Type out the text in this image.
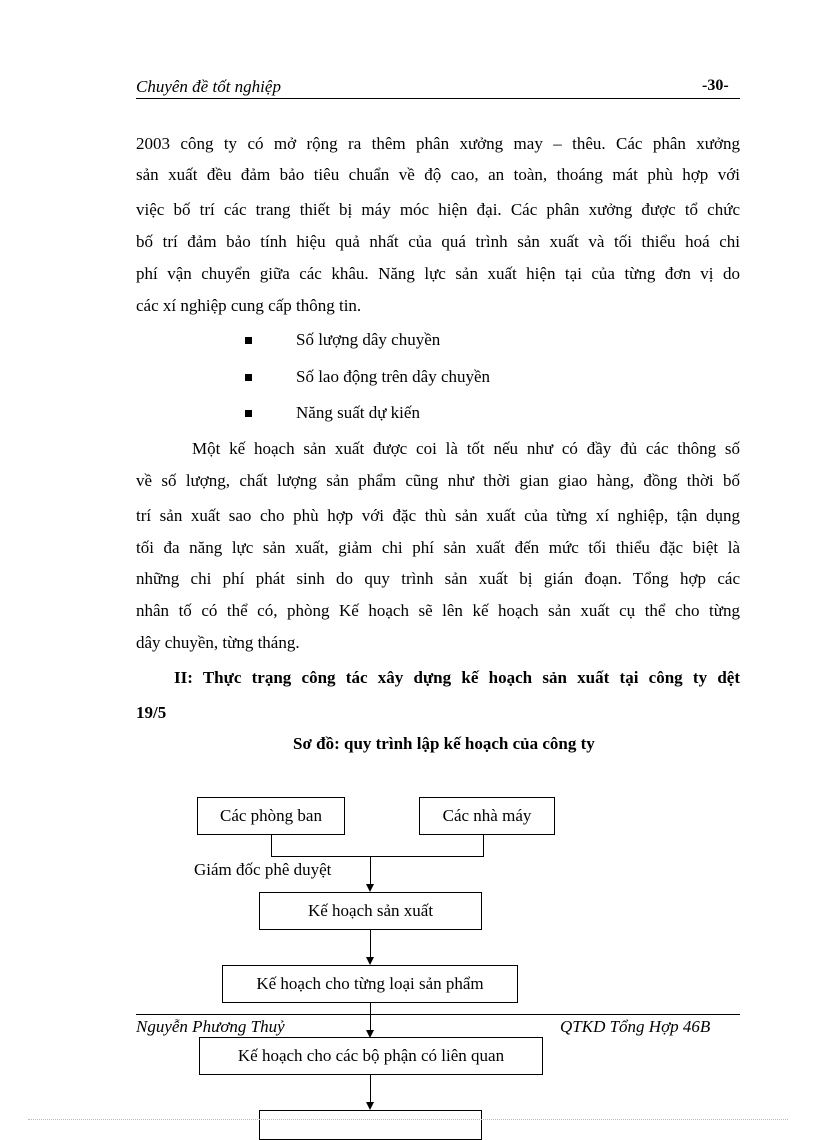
Chuyên đề tốt nghiệp	-30-
2003 công ty có mở rộng ra thêm phân xưởng may – thêu. Các phân xưởng
sản xuất đều đảm bảo tiêu chuẩn về độ cao, an toàn, thoáng mát phù hợp với
việc bố trí các trang thiết bị máy móc hiện đại. Các phân xưởng được tổ chức
bố trí đảm bảo tính hiệu quả nhất của quá trình sản xuất và tối thiểu hoá chi
phí vận chuyển giữa các khâu. Năng lực sản xuất hiện tại của từng đơn vị do
các xí nghiệp cung cấp thông tin.
Số lượng dây chuyền
Số lao động trên dây chuyền
Năng suất dự kiến
Một kế hoạch sản xuất được coi là tốt nếu như có đầy đủ các thông số
về số lượng, chất lượng sản phẩm cũng như thời gian giao hàng, đồng thời bố
trí sản xuất sao cho phù hợp với đặc thù sản xuất của từng xí nghiệp, tận dụng
tối đa năng lực sản xuất, giảm chi phí sản xuất đến mức tối thiểu đặc biệt là
những chi phí phát sinh do quy trình sản xuất bị gián đoạn. Tổng hợp các
nhân tố có thể có, phòng Kế hoạch sẽ lên kế hoạch sản xuất cụ thể cho từng
dây chuyền, từng tháng.
II: Thực trạng công tác xây dựng kế hoạch sản xuất tại công ty dệt
19/5
Sơ đồ: quy trình lập kế hoạch của công ty
Các phòng ban	Các nhà máy
Giám đốc phê duyệt
Kế hoạch sản xuất
Kế hoạch cho từng loại sản phẩm
Nguyễn Phương Thuỷ	QTKD Tổng Hợp 46B
Kế hoạch cho các bộ phận có liên quan
